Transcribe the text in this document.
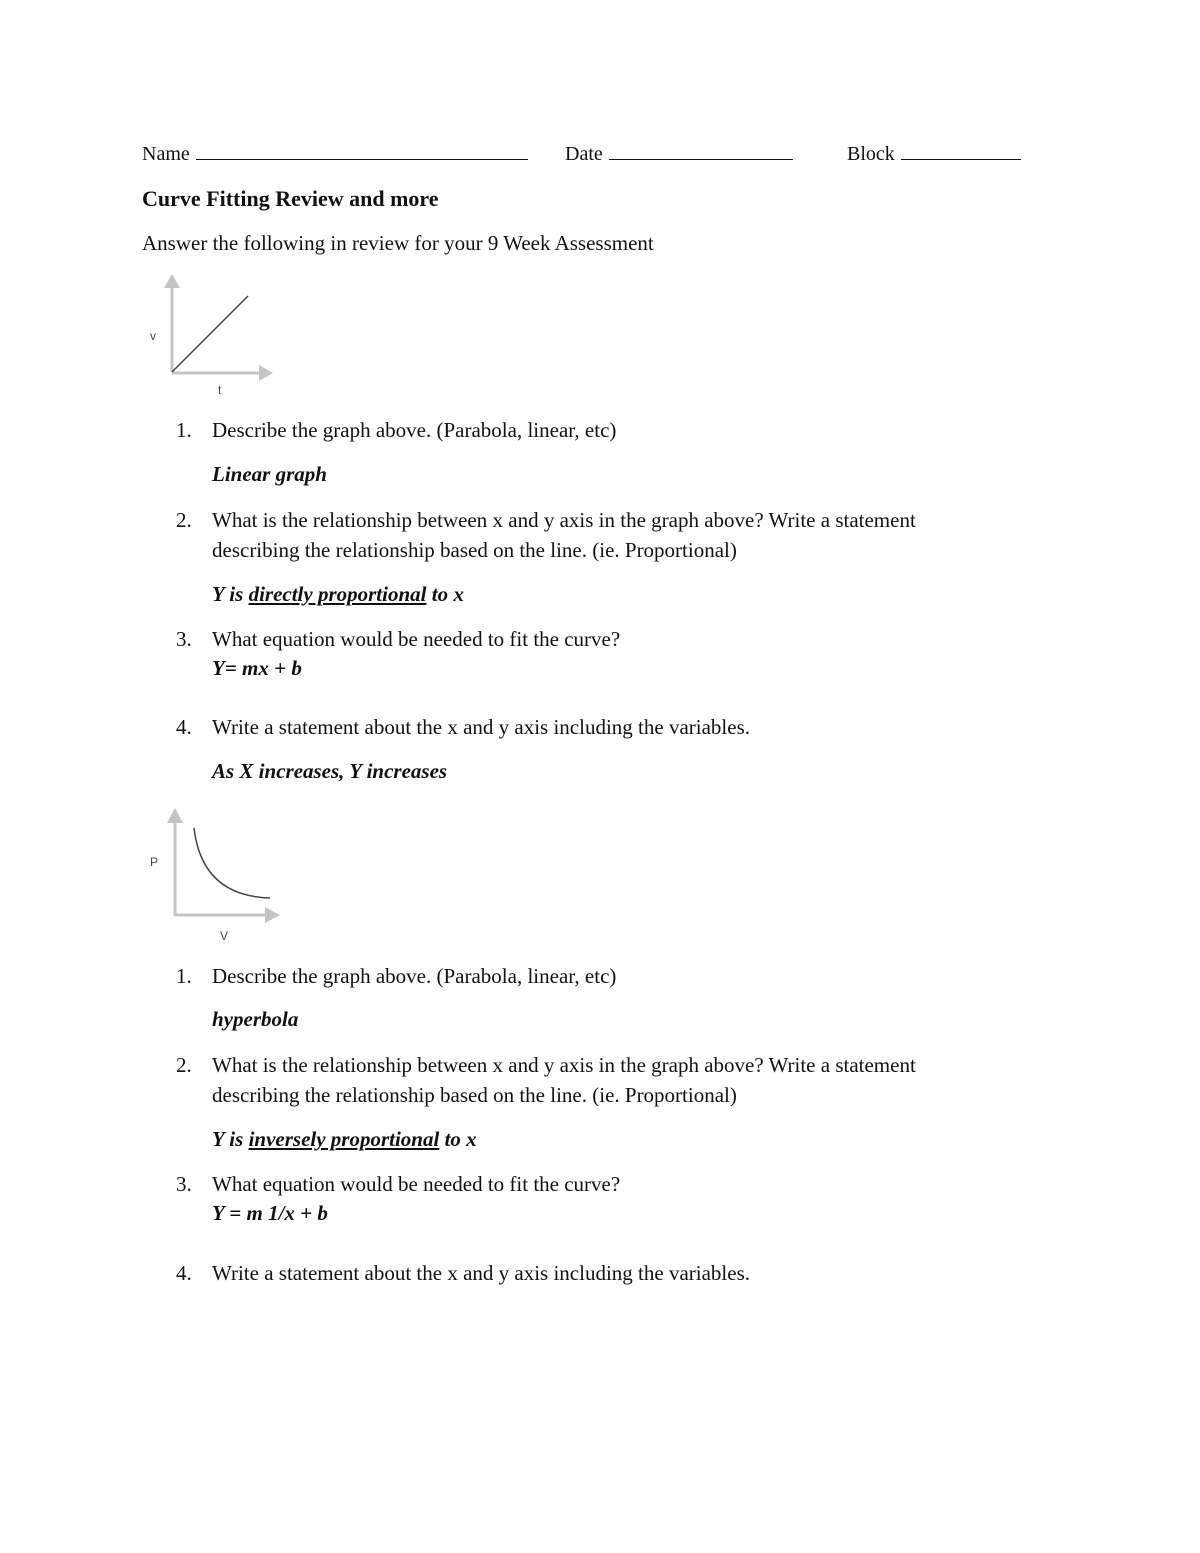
Name	Date	Block
Curve Fitting Review and more
Answer the following in review for your 9 Week Assessment
v
t
1. Describe the graph above. (Parabola, linear, etc)
Linear graph
2. What is the relationship between x and y axis in the graph above? Write a statement
describing the relationship based on the line. (ie. Proportional)
Y is directly proportional to x
3. What equation would be needed to fit the curve?
Y= mx + b
4. Write a statement about the x and y axis including the variables.
As X increases, Y increases
P
V
1. Describe the graph above. (Parabola, linear, etc)
hyperbola
2. What is the relationship between x and y axis in the graph above? Write a statement
describing the relationship based on the line. (ie. Proportional)
Y is inversely proportional to x
3. What equation would be needed to fit the curve?
Y = m 1/x + b
4. Write a statement about the x and y axis including the variables.
